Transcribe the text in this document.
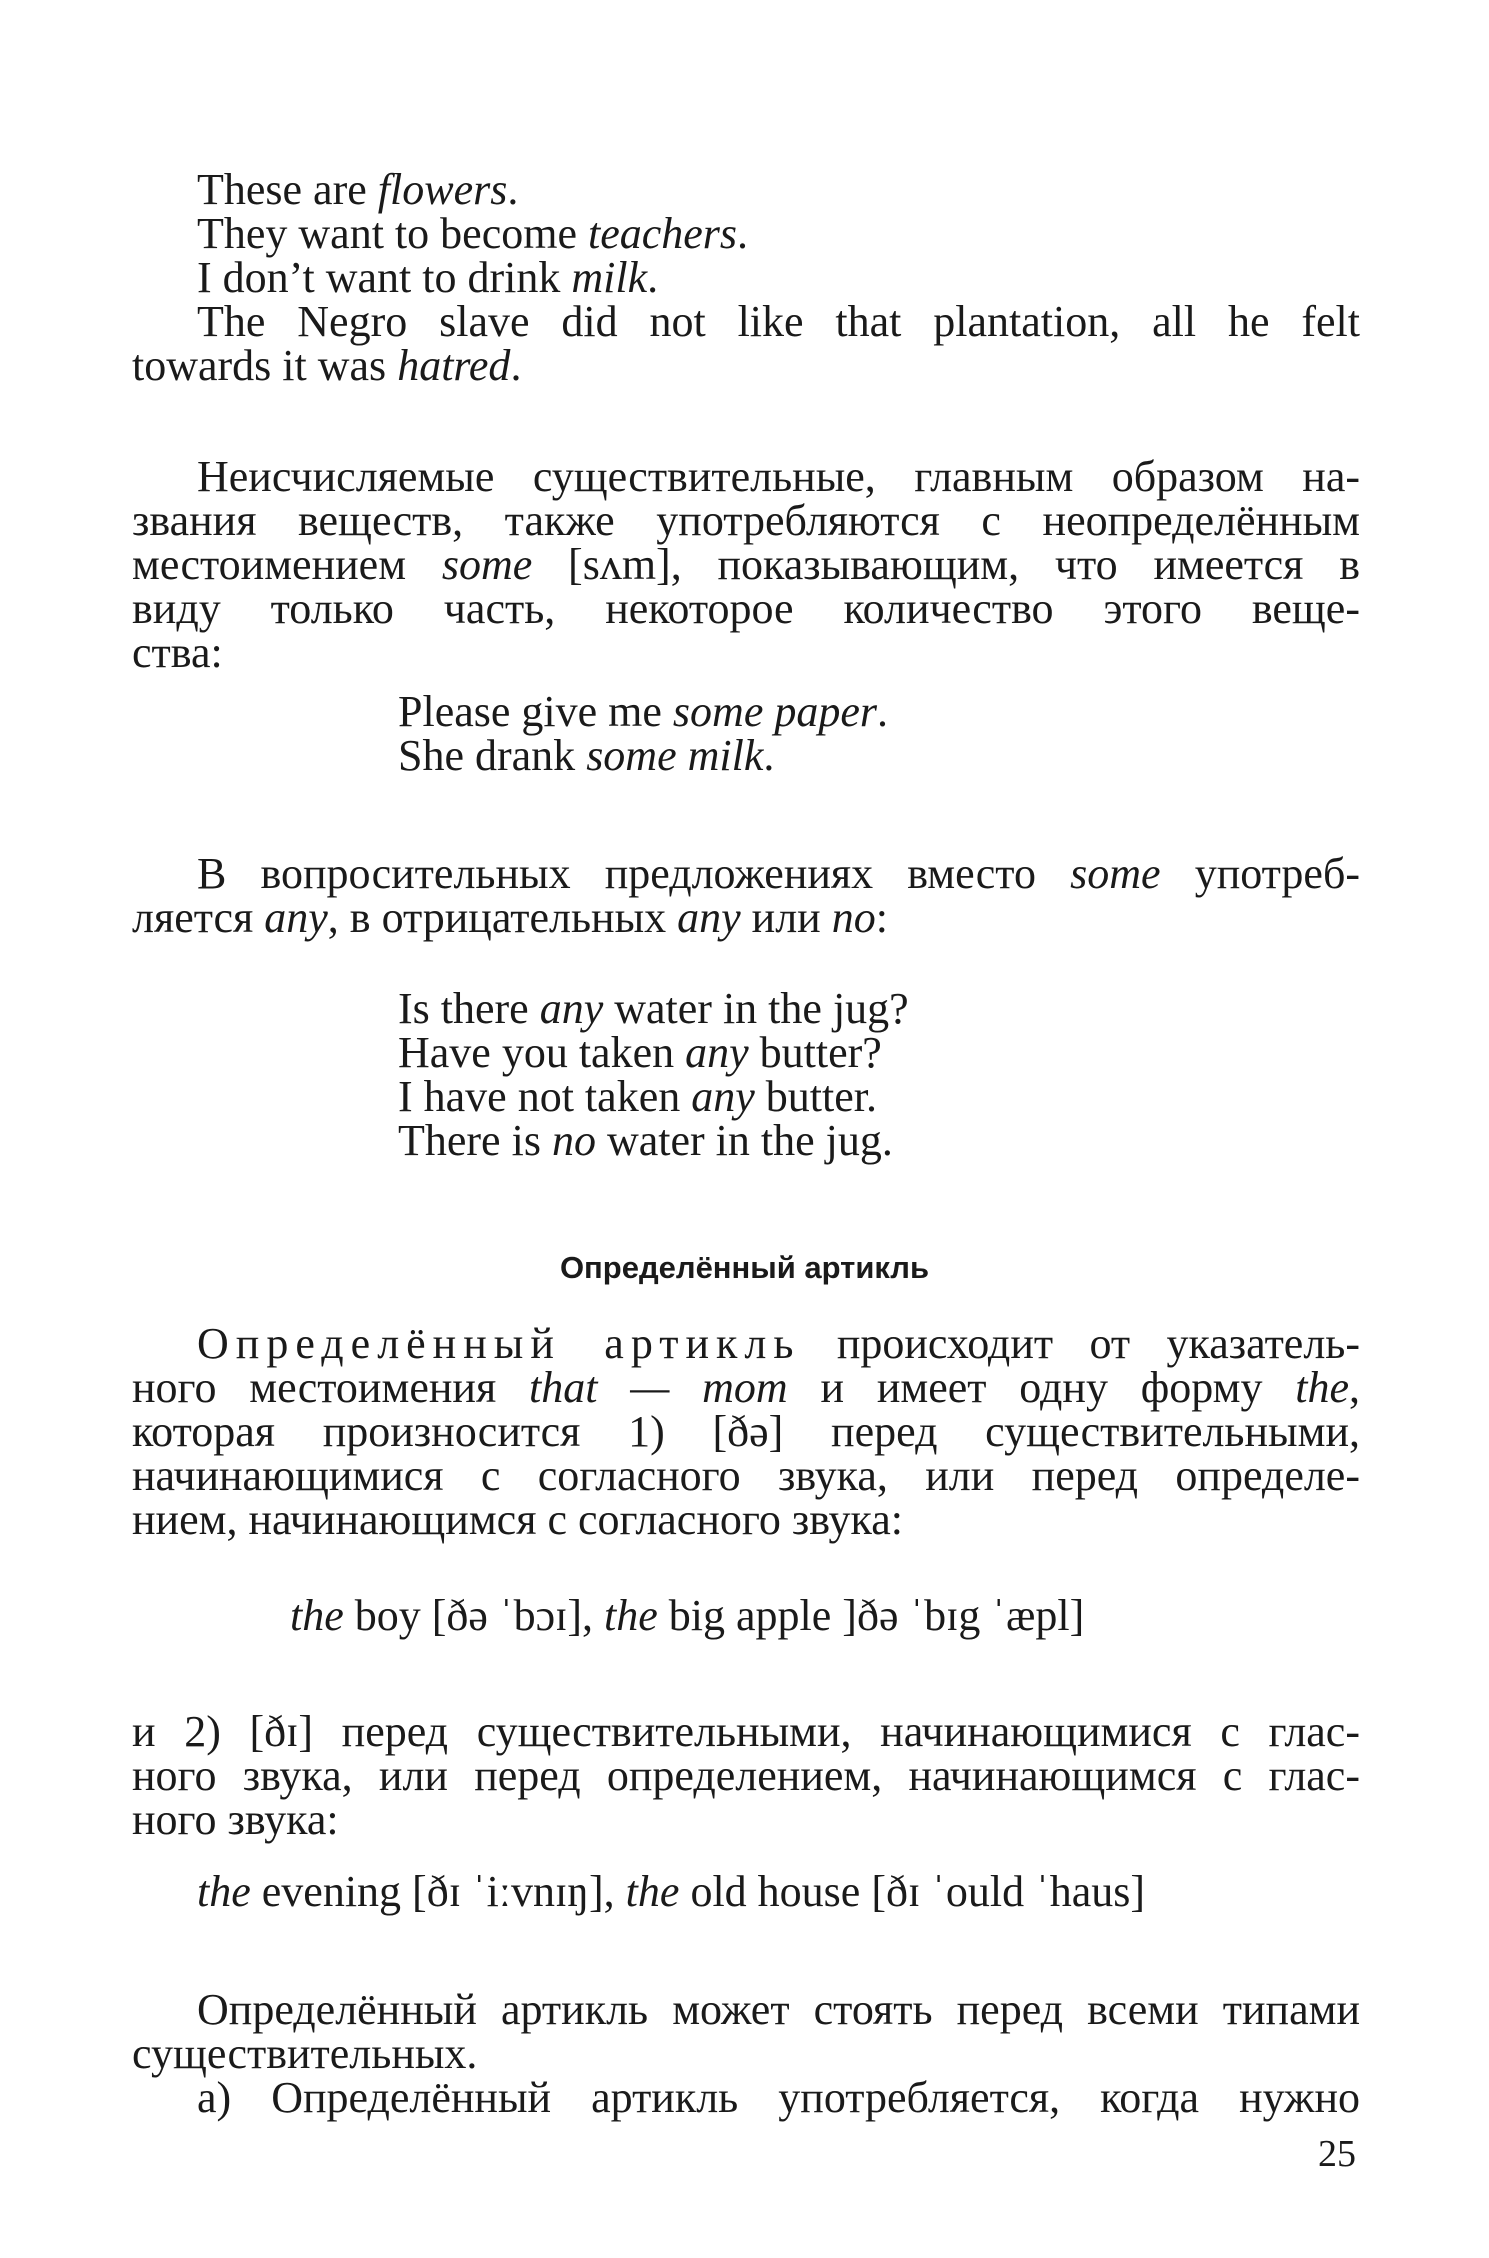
These are flowers.
They want to become teachers.
I don’t want to drink milk.
The Negro slave did not like that plantation, all he felt
towards it was hatred.
Неисчисляемые существительные, главным образом на-
звания веществ, также употребляются с неопределённым
местоимением some [sʌm], показывающим, что имеется в
виду только часть, некоторое количество этого веще-
ства:
Please give me some paper.
She drank some milk.
В вопросительных предложениях вместо some употреб-
ляется any, в отрицательных any или no:
Is there any water in the jug?
Have you taken any butter?
I have not taken any butter.
There is no water in the jug.
Определённый артикль
Определённый артикль происходит от указатель-
ного местоимения that — тот и имеет одну форму the,
которая произносится 1) [ðə] перед существительными,
начинающимися с согласного звука, или перед определе-
нием, начинающимся с согласного звука:
the boy [ðə ˈbɔɪ], the big apple ]ðə ˈbɪg ˈæpl]
и 2) [ðɪ] перед существительными, начинающимися с глас-
ного звука, или перед определением, начинающимся с глас-
ного звука:
the evening [ðɪ ˈiːvnɪŋ], the old house [ðɪ ˈould ˈhaus]
Определённый артикль может стоять перед всеми типами
существительных.
а) Определённый артикль употребляется, когда нужно
25
